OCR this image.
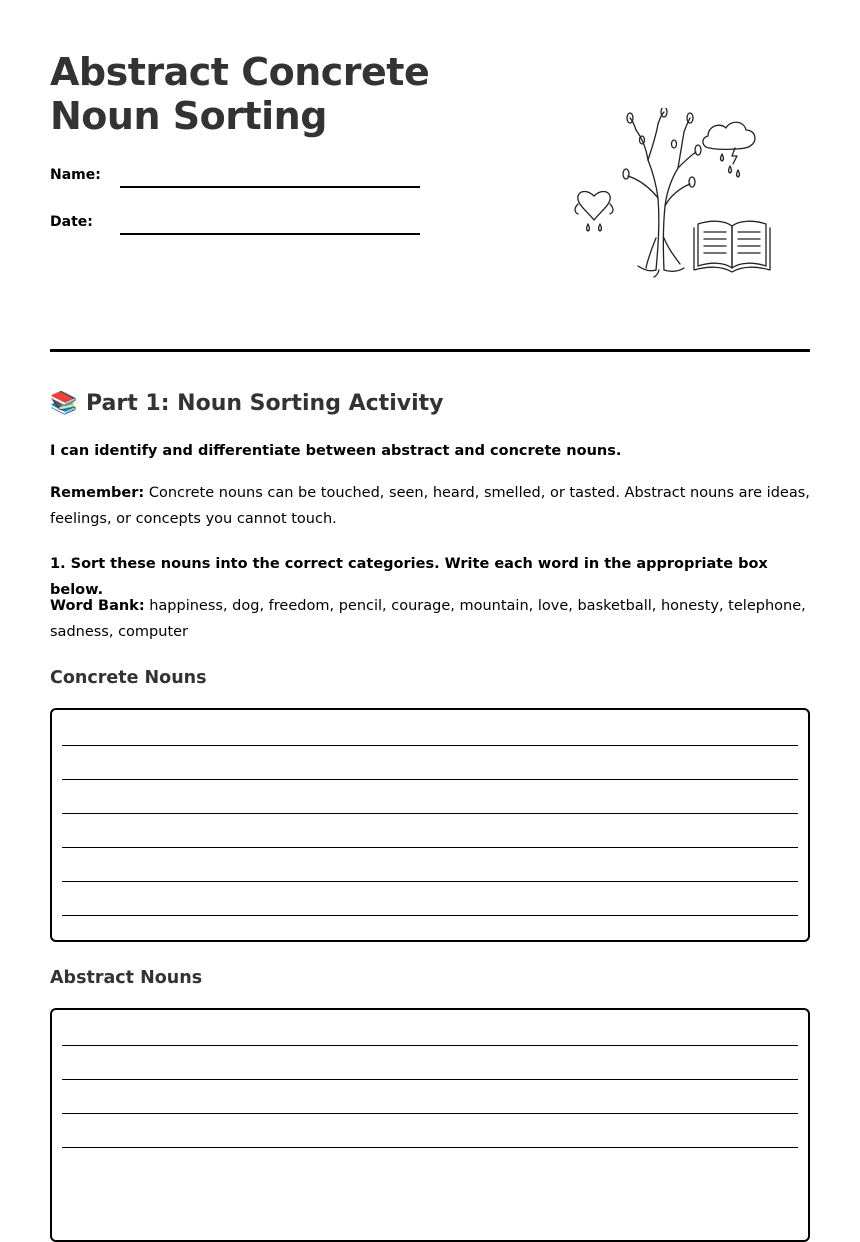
Abstract Concrete Noun Sorting
Name:
Date:
📚 Part 1: Noun Sorting Activity

I can identify and differentiate between abstract and concrete nouns.

Remember: Concrete nouns can be touched, seen, heard, smelled, or tasted. Abstract nouns are ideas, feelings, or concepts you cannot touch.

1. Sort these nouns into the correct categories. Write each word in the appropriate box below.

Word Bank: happiness, dog, freedom, pencil, courage, mountain, love, basketball, honesty, telephone, sadness, computer

Concrete Nouns
Abstract Nouns
